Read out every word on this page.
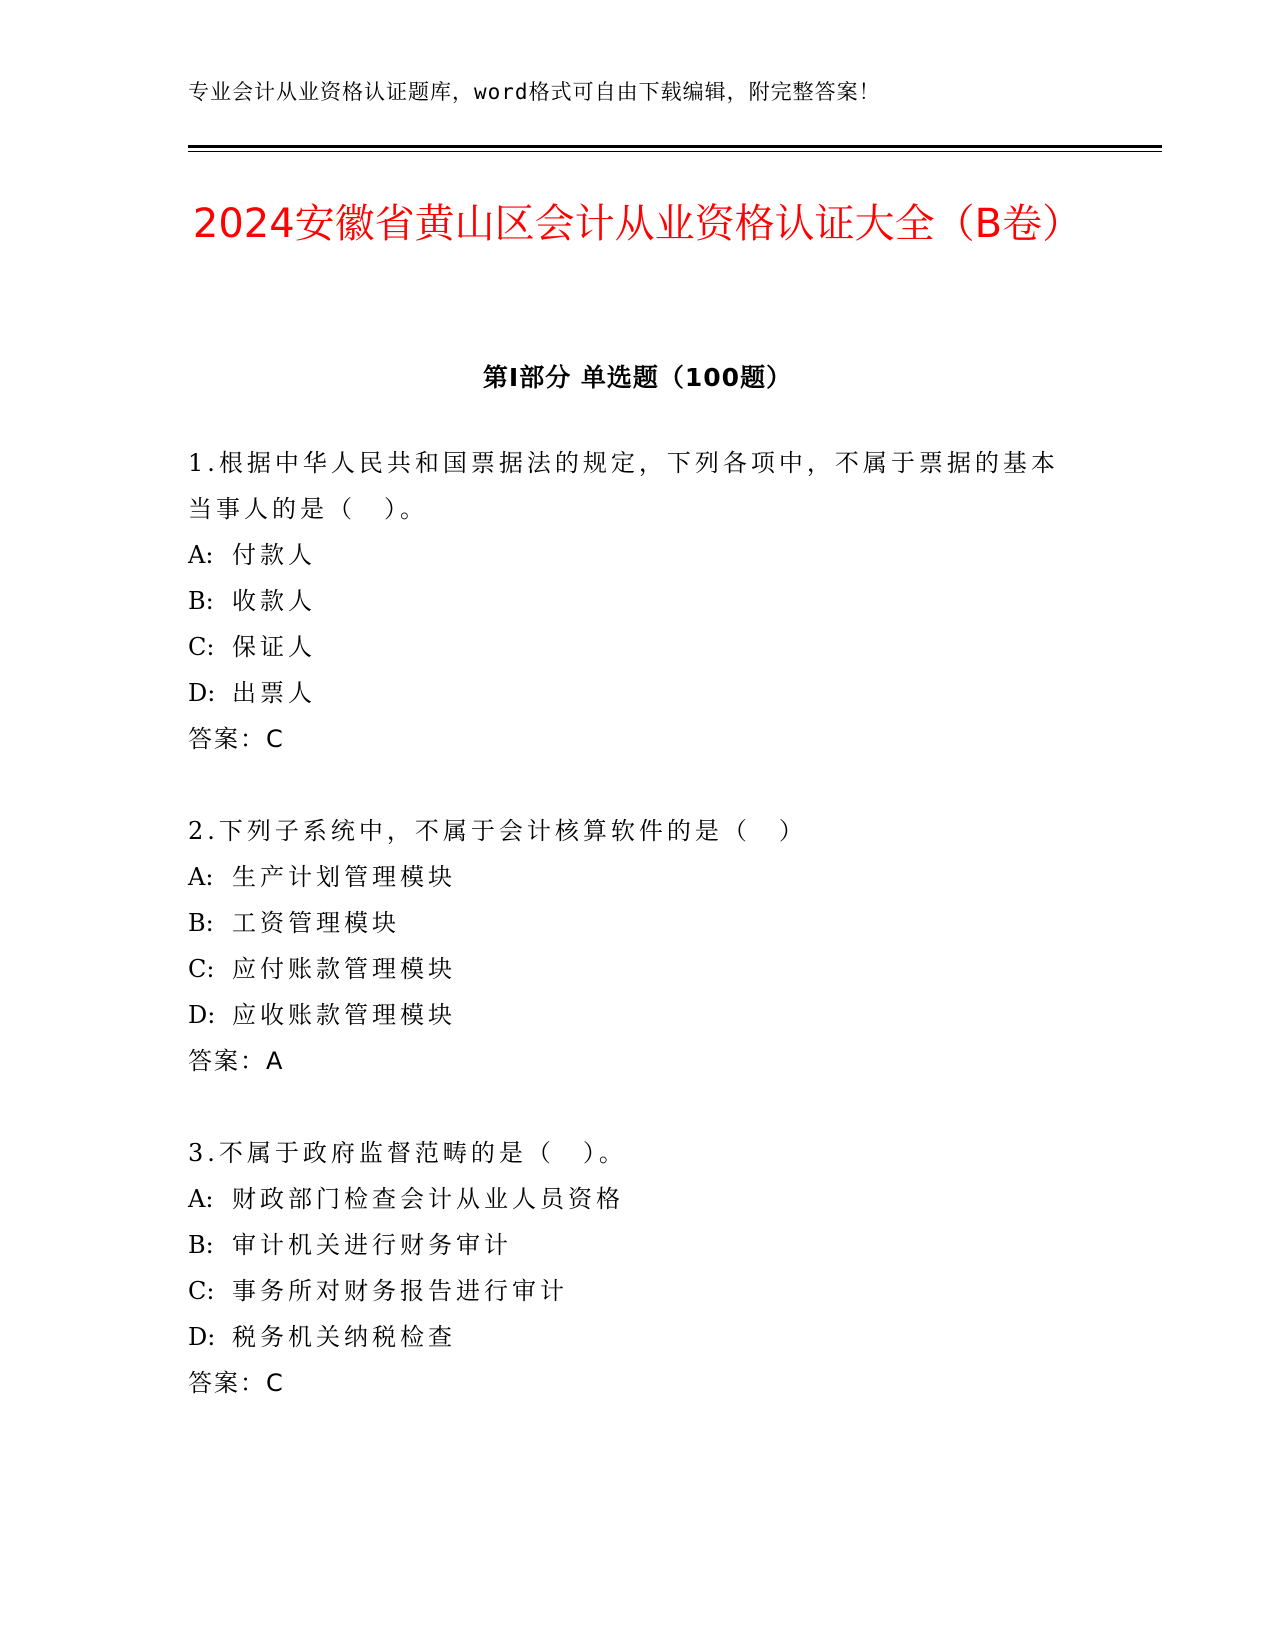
专业会计从业资格认证题库，word格式可自由下载编辑，附完整答案！
2024安徽省黄山区会计从业资格认证大全（B卷）
第Ⅰ部分 单选题（100题）
1.根据中华人民共和国票据法的规定，下列各项中，不属于票据的基本当事人的是（　）。
A: 付款人
B: 收款人
C: 保证人
D: 出票人
答案：C
2.下列子系统中，不属于会计核算软件的是（　）
A: 生产计划管理模块
B: 工资管理模块
C: 应付账款管理模块
D: 应收账款管理模块
答案：A
3.不属于政府监督范畴的是（　）。
A: 财政部门检查会计从业人员资格
B: 审计机关进行财务审计
C: 事务所对财务报告进行审计
D: 税务机关纳税检查
答案：C
